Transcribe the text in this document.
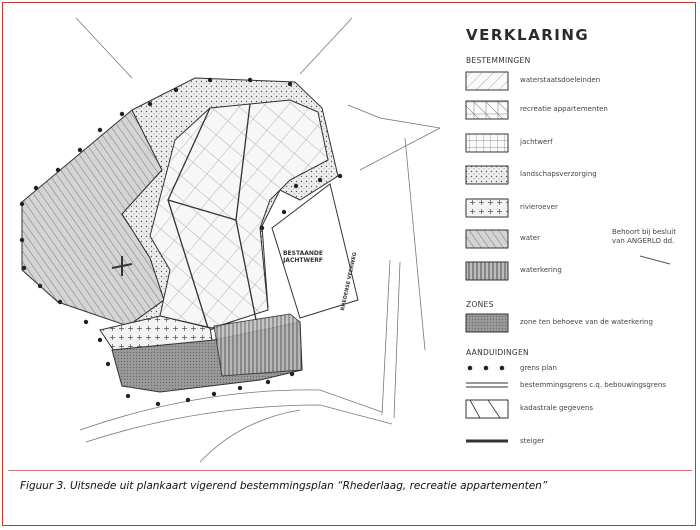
BESTAANDE
JACHTWERF	RHEDENSE VEERWEG
VERKLARING
BESTEMMINGEN
waterstaatsdoeleinden
recreatie appartementen
jachtwerf
landschapsverzorging
rivieroever
water
waterkering
Behoort bij besluit
van ANGERLO dd.
ZONES
zone ten behoeve van de waterkering
AANDUIDINGEN
grens plan
bestemmingsgrens c.q. bebouwingsgrens
kadastrale gegevens
steiger
Figuur 3. Uitsnede uit plankaart vigerend bestemmingsplan “Rhederlaag, recreatie appartementen”
